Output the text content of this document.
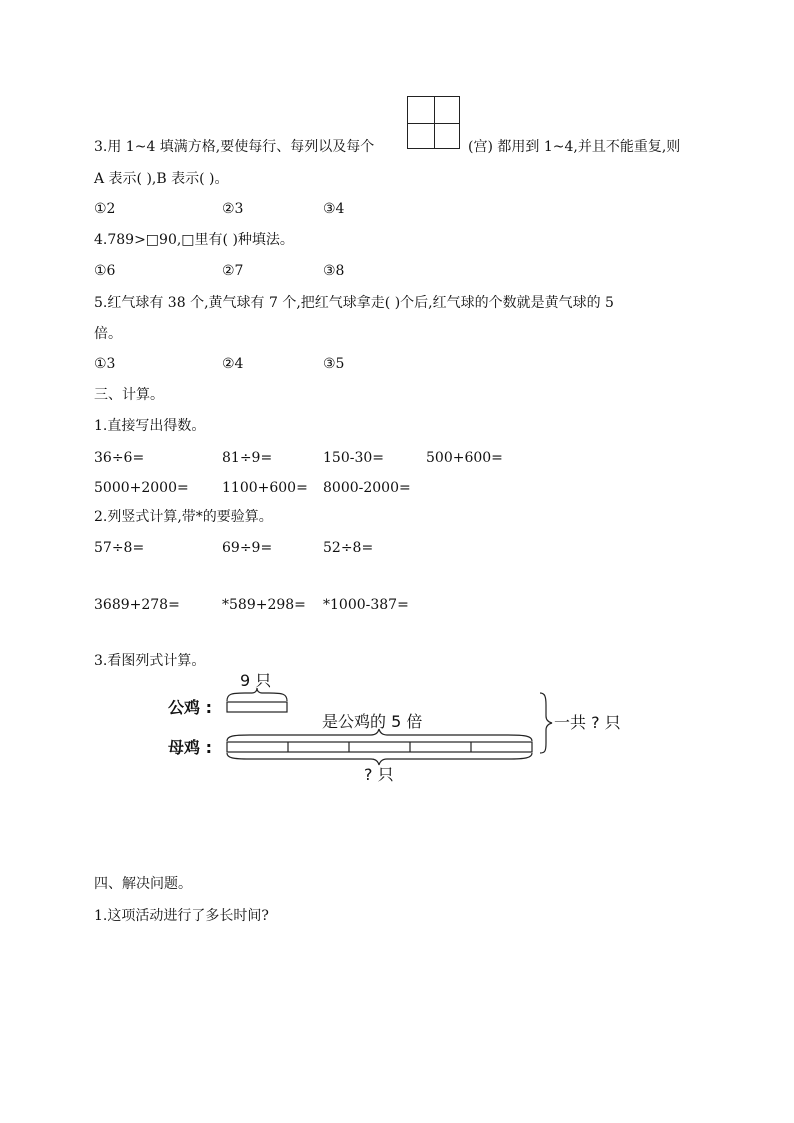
3.用 1~4 填满方格,要使每行、每列以及每个	(宫) 都用到 1~4,并且不能重复,则
A 表示( ),B 表示( )。
①2	②3	③4
4.789>□90,□里有( )种填法。
①6	②7	③8
5.红气球有 38 个,黄气球有 7 个,把红气球拿走( )个后,红气球的个数就是黄气球的 5
倍。
①3	②4	③5
三、计算。
1.直接写出得数。
36÷6=	81÷9=	150-30=	500+600=
5000+2000= 1100+600= 8000-2000=
2.列竖式计算,带*的要验算。
57÷8=	69÷9=	52÷8=
3689+278=	*589+298= *1000-387=
3.看图列式计算。
公鸡 :
母鸡 :
9 只
是公鸡的 5 倍	一共 ? 只
? 只
四、解决问题。
1.这项活动进行了多长时间?
